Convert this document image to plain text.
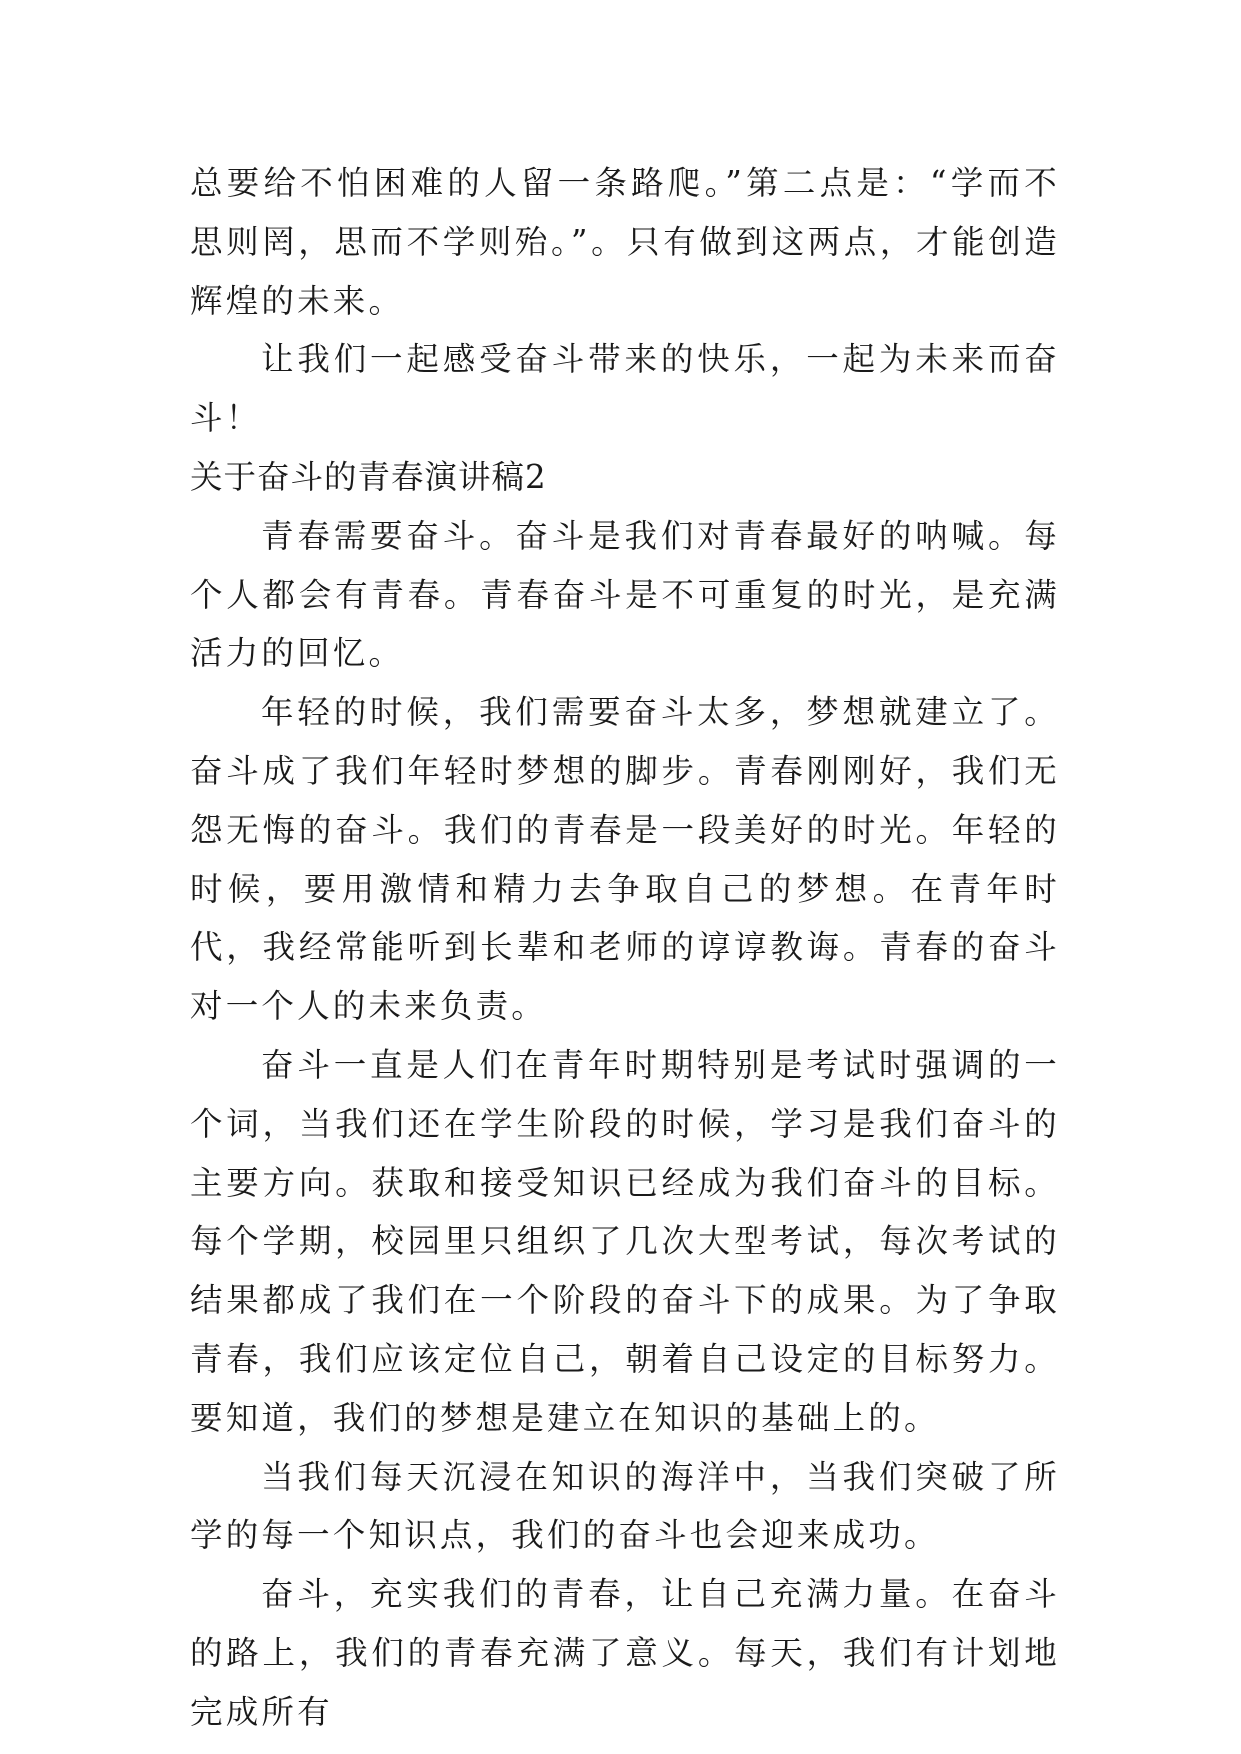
总要给不怕困难的人留一条路爬。”第二点是：“学而不思则罔，思而不学则殆。”。只有做到这两点，才能创造辉煌的未来。

让我们一起感受奋斗带来的快乐，一起为未来而奋斗！

关于奋斗的青春演讲稿2

青春需要奋斗。奋斗是我们对青春最好的呐喊。每个人都会有青春。青春奋斗是不可重复的时光，是充满活力的回忆。

年轻的时候，我们需要奋斗太多，梦想就建立了。奋斗成了我们年轻时梦想的脚步。青春刚刚好，我们无怨无悔的奋斗。我们的青春是一段美好的时光。年轻的时候，要用激情和精力去争取自己的梦想。在青年时代，我经常能听到长辈和老师的谆谆教诲。青春的奋斗对一个人的未来负责。

奋斗一直是人们在青年时期特别是考试时强调的一个词，当我们还在学生阶段的时候，学习是我们奋斗的主要方向。获取和接受知识已经成为我们奋斗的目标。每个学期，校园里只组织了几次大型考试，每次考试的结果都成了我们在一个阶段的奋斗下的成果。为了争取青春，我们应该定位自己，朝着自己设定的目标努力。要知道，我们的梦想是建立在知识的基础上的。

当我们每天沉浸在知识的海洋中，当我们突破了所学的每一个知识点，我们的奋斗也会迎来成功。

奋斗，充实我们的青春，让自己充满力量。在奋斗的路上，我们的青春充满了意义。每天，我们有计划地完成所有
